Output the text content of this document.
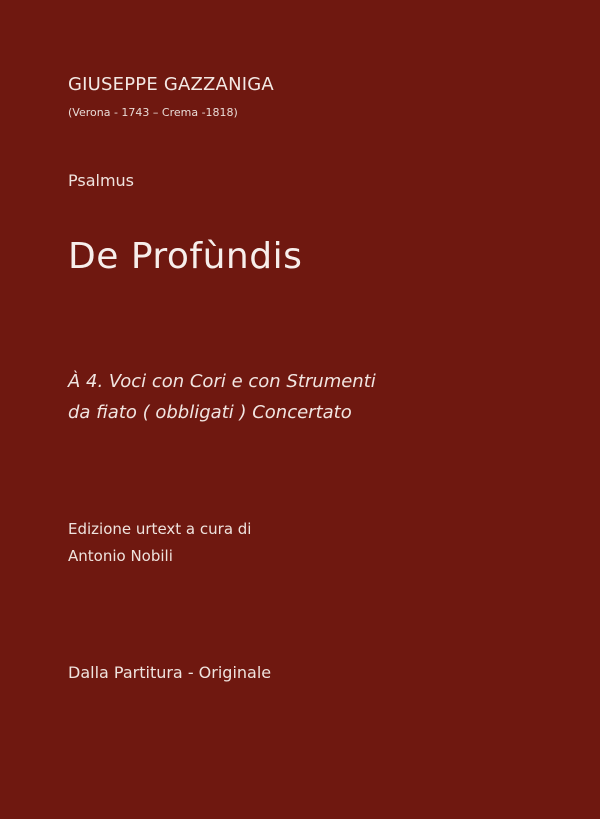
GIUSEPPE GAZZANIGA
(Verona - 1743 – Crema -1818)
Psalmus
De Profùndis
À 4. Voci con Cori e con Strumenti
da fiato ( obbligati ) Concertato
Edizione urtext a cura di
Antonio Nobili
Dalla Partitura - Originale
